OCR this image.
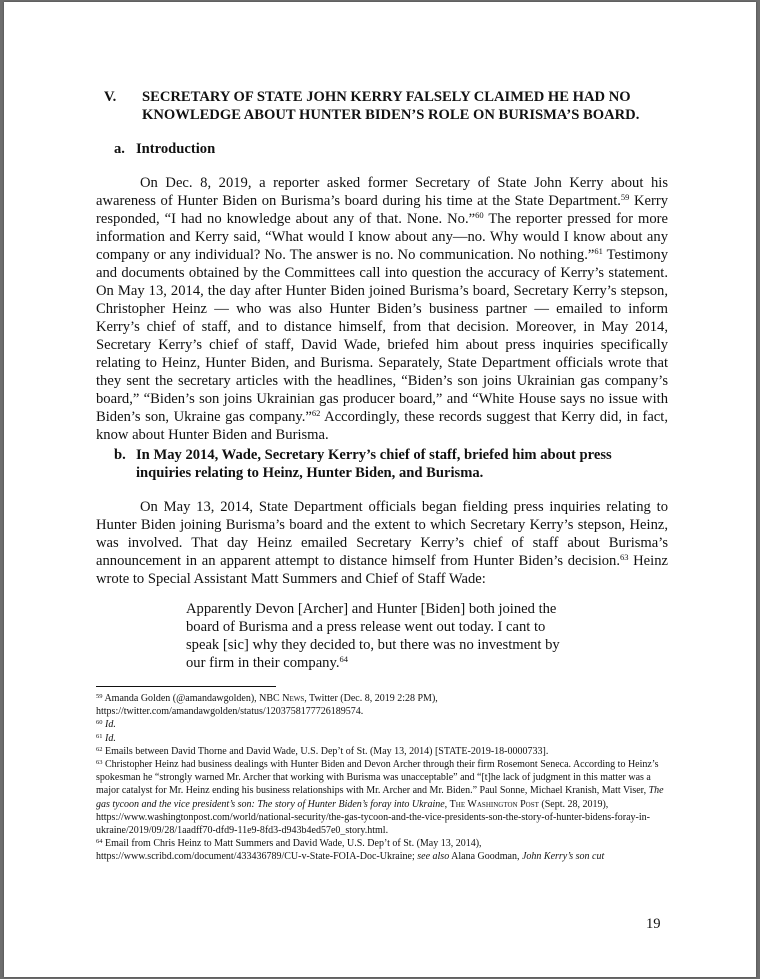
V. SECRETARY OF STATE JOHN KERRY FALSELY CLAIMED HE HAD NO KNOWLEDGE ABOUT HUNTER BIDEN’S ROLE ON BURISMA’S BOARD.
a. Introduction
On Dec. 8, 2019, a reporter asked former Secretary of State John Kerry about his awareness of Hunter Biden on Burisma’s board during his time at the State Department.$^{59}$ Kerry responded, “I had no knowledge about any of that. None. No.”$^{60}$ The reporter pressed for more information and Kerry said, “What would I know about any—no. Why would I know about any company or any individual? No. The answer is no. No communication. No nothing.”$^{61}$ Testimony and documents obtained by the Committees call into question the accuracy of Kerry’s statement. On May 13, 2014, the day after Hunter Biden joined Burisma’s board, Secretary Kerry’s stepson, Christopher Heinz — who was also Hunter Biden’s business partner — emailed to inform Kerry’s chief of staff, and to distance himself, from that decision. Moreover, in May 2014, Secretary Kerry’s chief of staff, David Wade, briefed him about press inquiries specifically relating to Heinz, Hunter Biden, and Burisma. Separately, State Department officials wrote that they sent the secretary articles with the headlines, “Biden’s son joins Ukrainian gas company’s board,” “Biden’s son joins Ukrainian gas producer board,” and “White House says no issue with Biden’s son, Ukraine gas company.”$^{62}$ Accordingly, these records suggest that Kerry did, in fact, know about Hunter Biden and Burisma.
b. In May 2014, Wade, Secretary Kerry’s chief of staff, briefed him about press inquiries relating to Heinz, Hunter Biden, and Burisma.
On May 13, 2014, State Department officials began fielding press inquiries relating to Hunter Biden joining Burisma’s board and the extent to which Secretary Kerry’s stepson, Heinz, was involved. That day Heinz emailed Secretary Kerry’s chief of staff about Burisma’s announcement in an apparent attempt to distance himself from Hunter Biden’s decision.$^{63}$ Heinz wrote to Special Assistant Matt Summers and Chief of Staff Wade:
Apparently Devon [Archer] and Hunter [Biden] both joined the board of Burisma and a press release went out today. I cant to speak [sic] why they decided to, but there was no investment by our firm in their company.$^{64}$

$^{59}$ Amanda Golden (@amandawgolden), NBC News, Twitter (Dec. 8, 2019 2:28 PM), https://twitter.com/amandawgolden/status/1203758177726189574.

$^{60}$ Id.

$^{61}$ Id.

$^{62}$ Emails between David Thorne and David Wade, U.S. Dep’t of St. (May 13, 2014) [STATE-2019-18-0000733].

$^{63}$ Christopher Heinz had business dealings with Hunter Biden and Devon Archer through their firm Rosemont Seneca. According to Heinz’s spokesman he “strongly warned Mr. Archer that working with Burisma was unacceptable” and “[t]he lack of judgment in this matter was a major catalyst for Mr. Heinz ending his business relationships with Mr. Archer and Mr. Biden.” Paul Sonne, Michael Kranish, Matt Viser, The gas tycoon and the vice president’s son: The story of Hunter Biden’s foray into Ukraine, The Washington Post (Sept. 28, 2019), https://www.washingtonpost.com/world/national-security/the-gas-tycoon-and-the-vice-presidents-son-the-story-of-hunter-bidens-foray-in-ukraine/2019/09/28/1aadff70-dfd9-11e9-8fd3-d943b4ed57e0_story.html.

$^{64}$ Email from Chris Heinz to Matt Summers and David Wade, U.S. Dep’t of St. (May 13, 2014), https://www.scribd.com/document/433436789/CU-v-State-FOIA-Doc-Ukraine; see also Alana Goodman, John Kerry’s son cut

19
